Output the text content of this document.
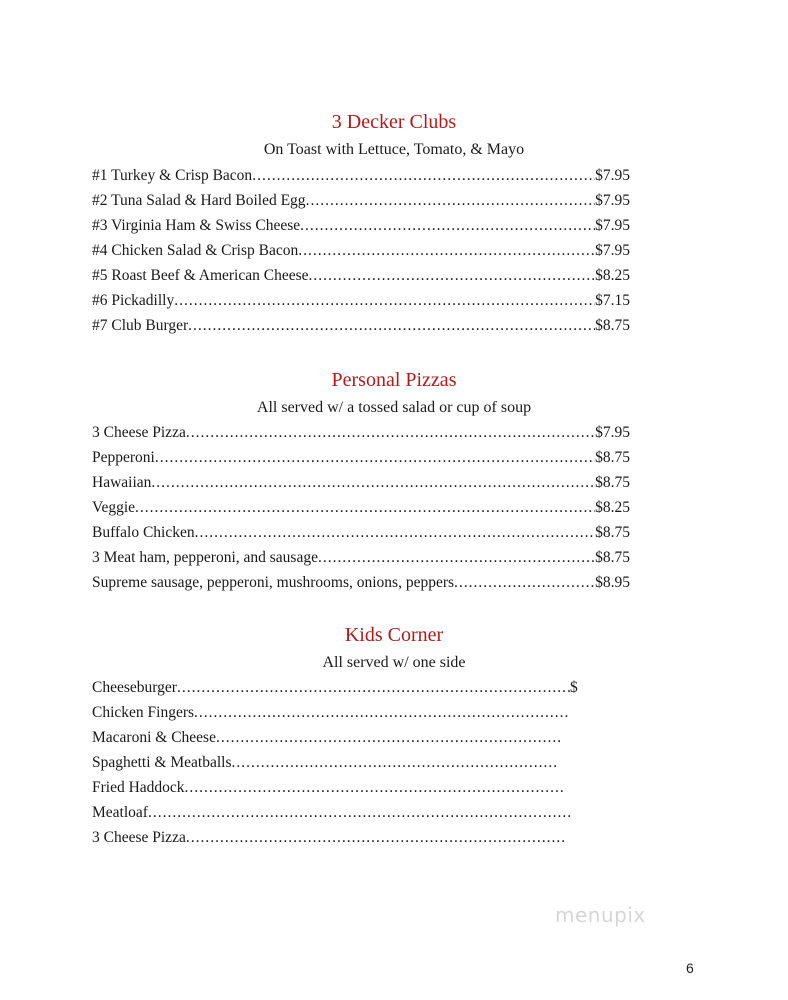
3 Decker Clubs
On Toast with Lettuce, Tomato, & Mayo
#1 Turkey & Crisp Bacon .....	$7.95
#2 Tuna Salad & Hard Boiled Egg .....	$7.95
#3 Virginia Ham & Swiss Cheese .....	$7.95
#4 Chicken Salad & Crisp Bacon .....	$7.95
#5 Roast Beef & American Cheese .....	$8.25
#6 Pickadilly .....	$7.15
#7 Club Burger .....	$8.75
Personal Pizzas
All served w/ a tossed salad or cup of soup
3 Cheese Pizza .....	$7.95
Pepperoni .....	$8.75
Hawaiian .....	$8.75
Veggie .....	$8.25
Buffalo Chicken .....	$8.75
3 Meat ham, pepperoni, and sausage .....	$8.75
Supreme sausage, pepperoni, mushrooms, onions, peppers .....	$8.95
Kids Corner
All served w/ one side
Cheeseburger .....	$
Chicken Fingers
.....
Macaroni & Cheese
.....
Spaghetti & Meatballs
.....
Fried Haddock
.....
Meatloaf
.....
3 Cheese Pizza
.....
menupix
6
